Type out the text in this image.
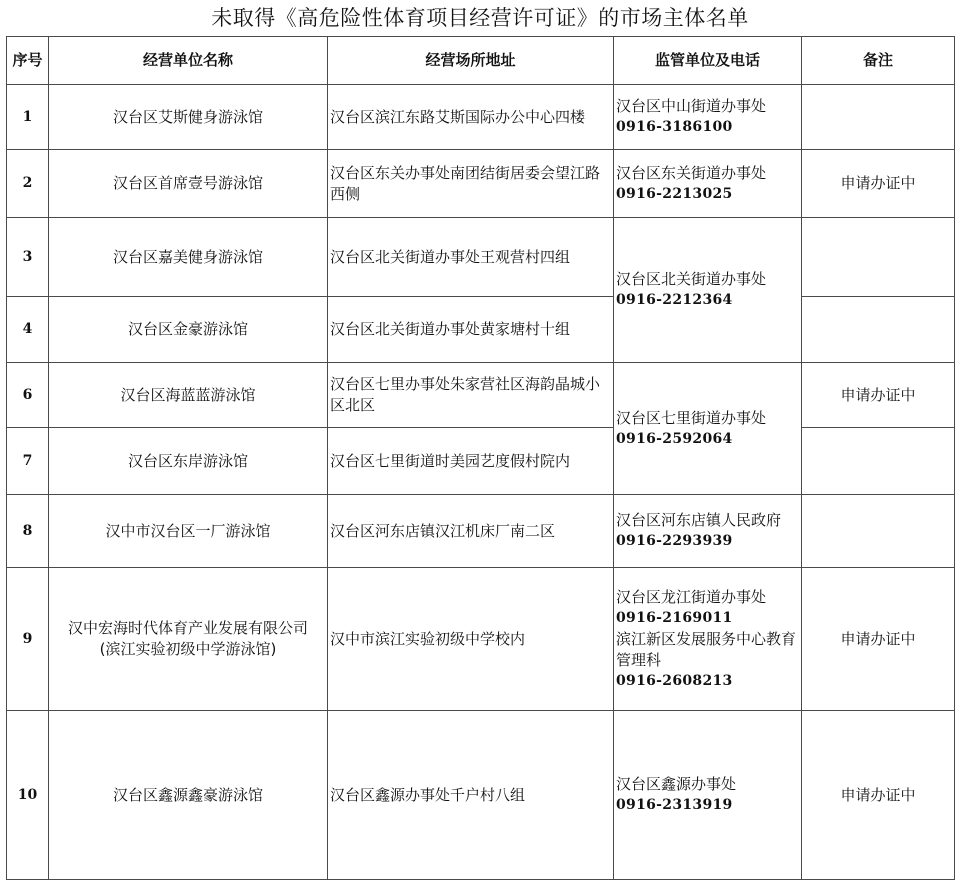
未取得《高危险性体育项目经营许可证》的市场主体名单
序号	经营单位名称	经营场所地址	监管单位及电话	备注
1	汉台区艾斯健身游泳馆	汉台区滨江东路艾斯国际办公中心四楼	汉台区中山街道办事处
0916-3186100	

2	汉台区首席壹号游泳馆	汉台区东关办事处南团结街居委会望江路西侧	汉台区东关街道办事处
0916-2213025	申请办证中
3	汉台区嘉美健身游泳馆	汉台区北关街道办事处王观营村四组	汉台区北关街道办事处
0916-2212364	

4	汉台区金豪游泳馆	汉台区北关街道办事处黄家塘村十组		
6	汉台区海蓝蓝游泳馆	汉台区七里办事处朱家营社区海韵晶城小区北区	汉台区七里街道办事处
0916-2592064	申请办证中
7	汉台区东岸游泳馆	汉台区七里街道时美园艺度假村院内		
8	汉中市汉台区一厂游泳馆	汉台区河东店镇汉江机床厂南二区	汉台区河东店镇人民政府
0916-2293939	

9	汉中宏海时代体育产业发展有限公司
(滨江实验初级中学游泳馆)	汉中市滨江实验初级中学校内	汉台区龙江街道办事处
0916-2169011
滨江新区发展服务中心教育管理科
0916-2608213	申请办证中
10	汉台区鑫源鑫豪游泳馆	汉台区鑫源办事处千户村八组	汉台区鑫源办事处
0916-2313919	申请办证中
